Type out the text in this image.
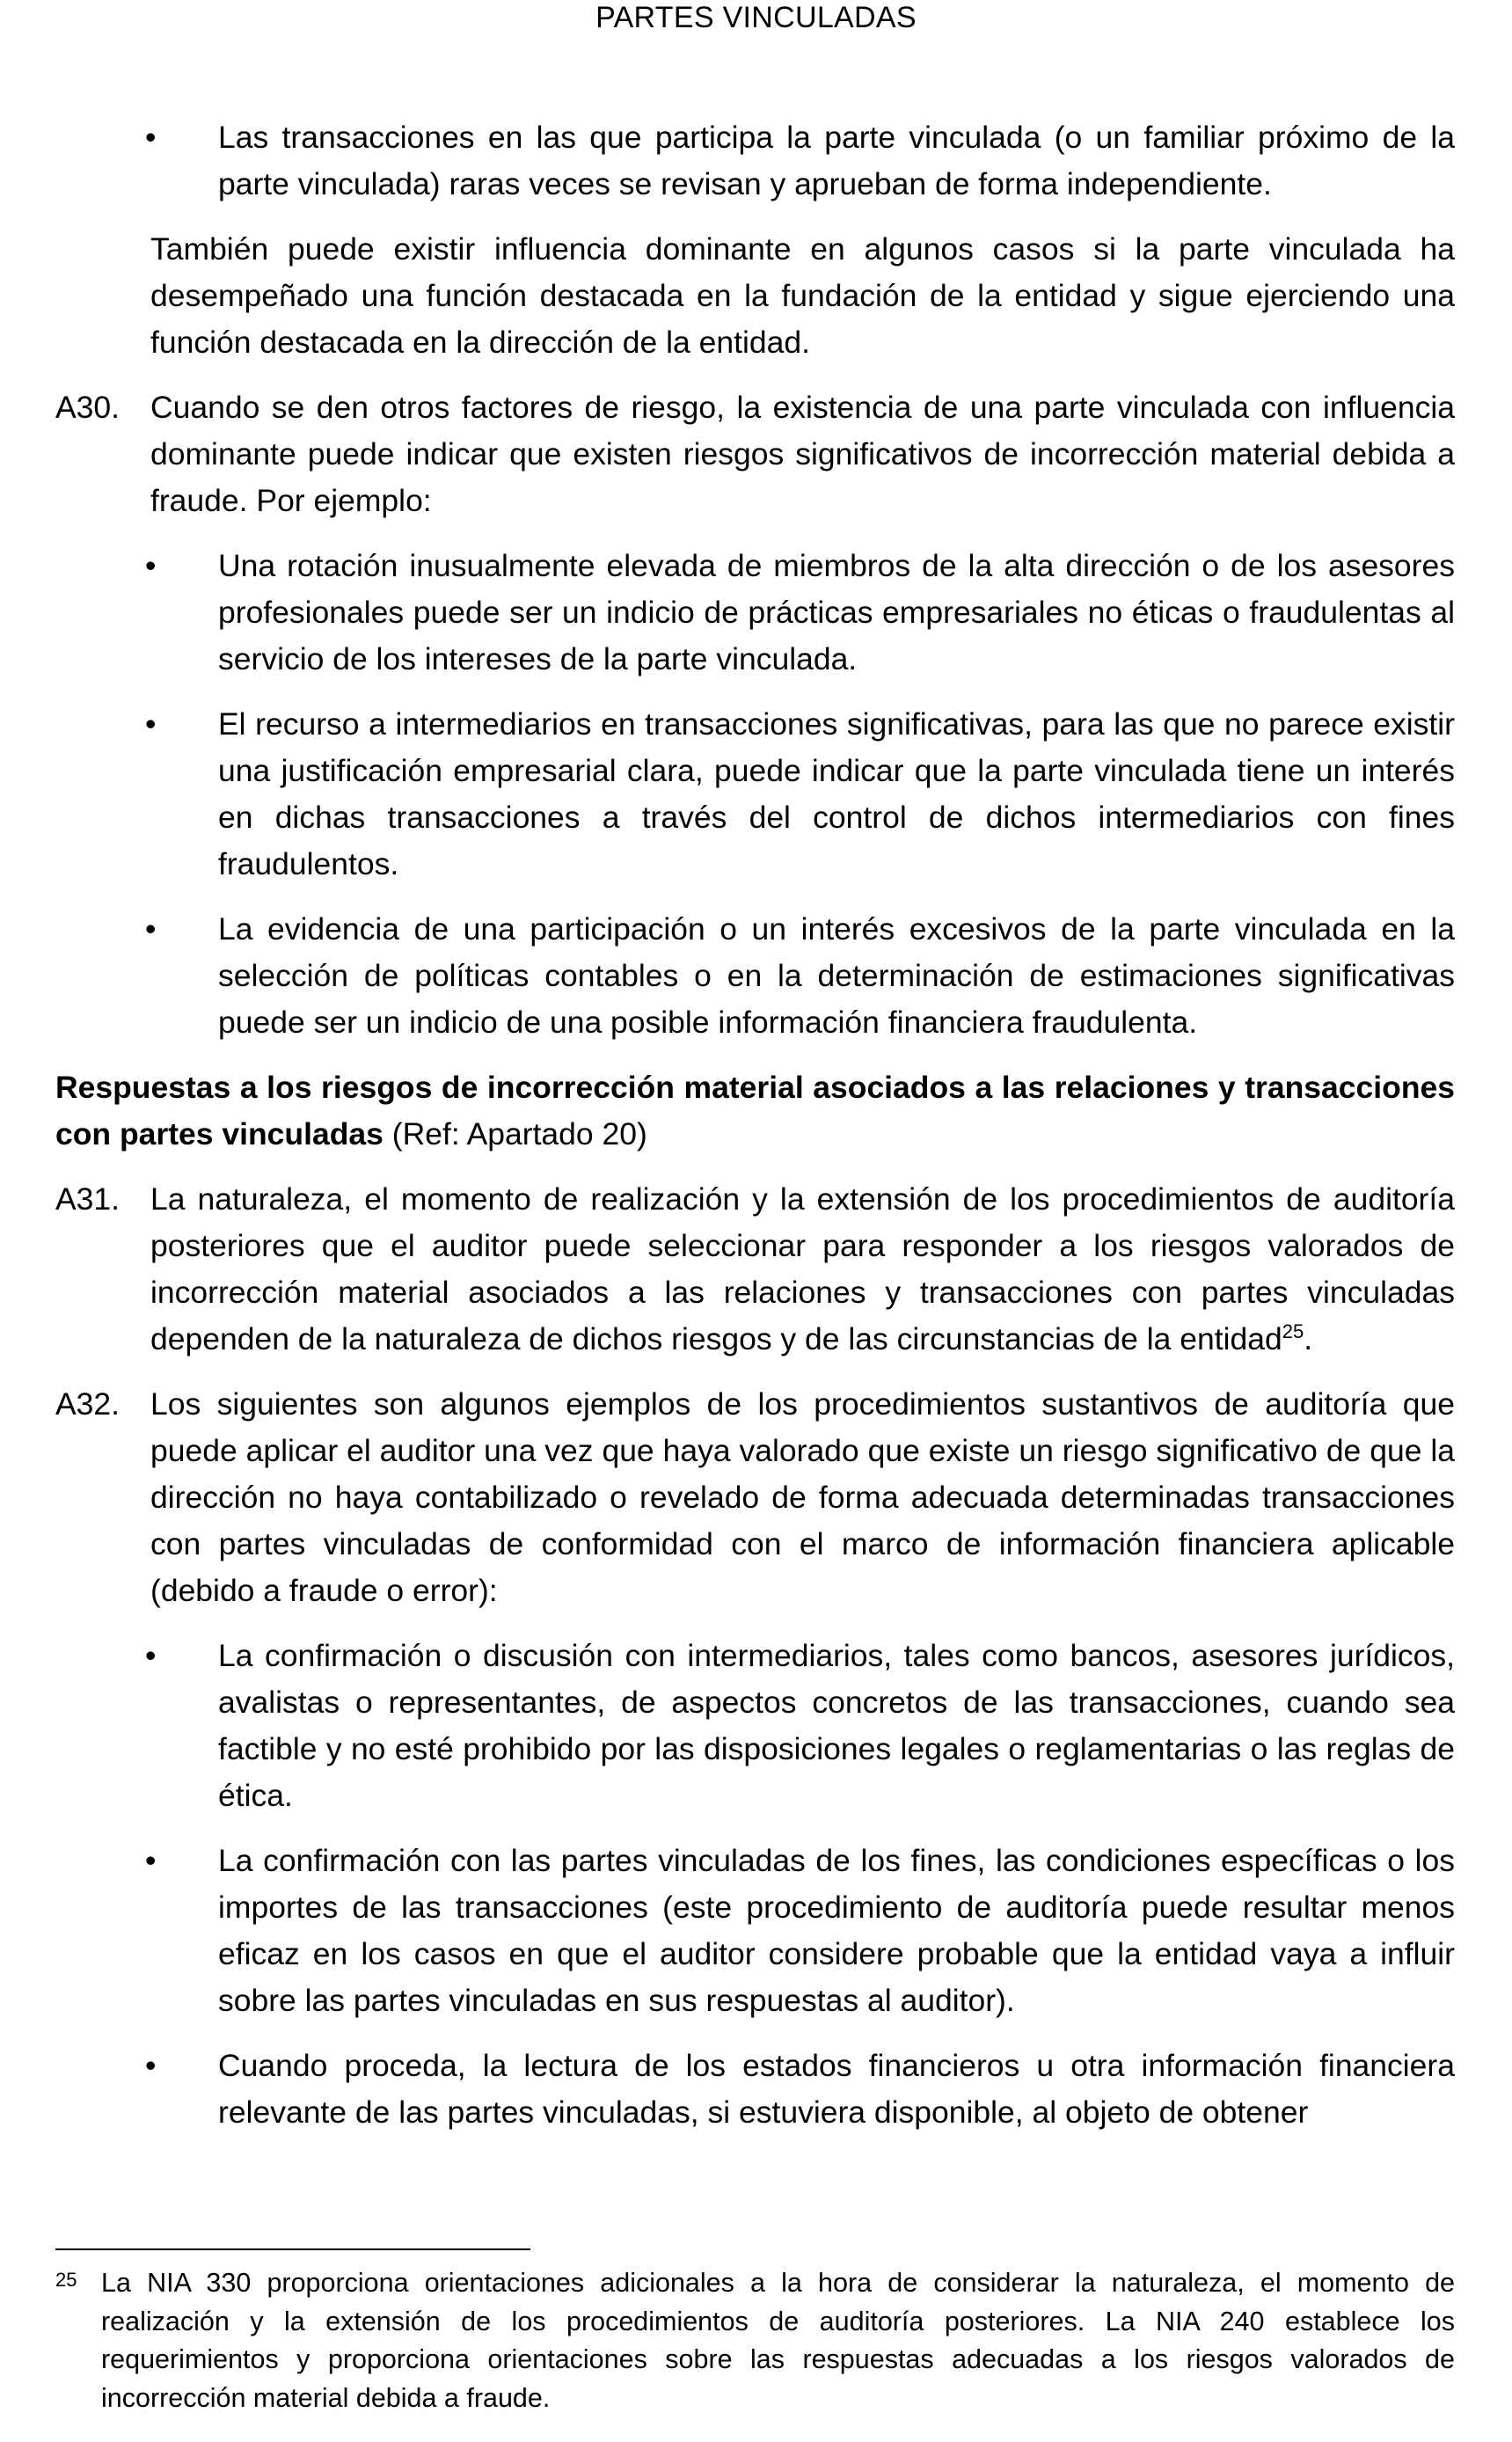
PARTES VINCULADAS
• Las transacciones en las que participa la parte vinculada (o un familiar próximo de la parte vinculada) raras veces se revisan y aprueban de forma independiente.
También puede existir influencia dominante en algunos casos si la parte vinculada ha desempeñado una función destacada en la fundación de la entidad y sigue ejerciendo una función destacada en la dirección de la entidad.
A30. Cuando se den otros factores de riesgo, la existencia de una parte vinculada con influencia dominante puede indicar que existen riesgos significativos de incorrección material debida a fraude. Por ejemplo:
• Una rotación inusualmente elevada de miembros de la alta dirección o de los asesores profesionales puede ser un indicio de prácticas empresariales no éticas o fraudulentas al servicio de los intereses de la parte vinculada.
• El recurso a intermediarios en transacciones significativas, para las que no parece existir una justificación empresarial clara, puede indicar que la parte vinculada tiene un interés en dichas transacciones a través del control de dichos intermediarios con fines fraudulentos.
• La evidencia de una participación o un interés excesivos de la parte vinculada en la selección de políticas contables o en la determinación de estimaciones significativas puede ser un indicio de una posible información financiera fraudulenta.
Respuestas a los riesgos de incorrección material asociados a las relaciones y transacciones con partes vinculadas (Ref: Apartado 20)
A31. La naturaleza, el momento de realización y la extensión de los procedimientos de auditoría posteriores que el auditor puede seleccionar para responder a los riesgos valorados de incorrección material asociados a las relaciones y transacciones con partes vinculadas dependen de la naturaleza de dichos riesgos y de las circunstancias de la entidad$^{25}$.
A32. Los siguientes son algunos ejemplos de los procedimientos sustantivos de auditoría que puede aplicar el auditor una vez que haya valorado que existe un riesgo significativo de que la dirección no haya contabilizado o revelado de forma adecuada determinadas transacciones con partes vinculadas de conformidad con el marco de información financiera aplicable (debido a fraude o error):
• La confirmación o discusión con intermediarios, tales como bancos, asesores jurídicos, avalistas o representantes, de aspectos concretos de las transacciones, cuando sea factible y no esté prohibido por las disposiciones legales o reglamentarias o las reglas de ética.
• La confirmación con las partes vinculadas de los fines, las condiciones específicas o los importes de las transacciones (este procedimiento de auditoría puede resultar menos eficaz en los casos en que el auditor considere probable que la entidad vaya a influir sobre las partes vinculadas en sus respuestas al auditor).
• Cuando proceda, la lectura de los estados financieros u otra información financiera relevante de las partes vinculadas, si estuviera disponible, al objeto de obtener
25 La NIA 330 proporciona orientaciones adicionales a la hora de considerar la naturaleza, el momento de realización y la extensión de los procedimientos de auditoría posteriores. La NIA 240 establece los requerimientos y proporciona orientaciones sobre las respuestas adecuadas a los riesgos valorados de incorrección material debida a fraude.
